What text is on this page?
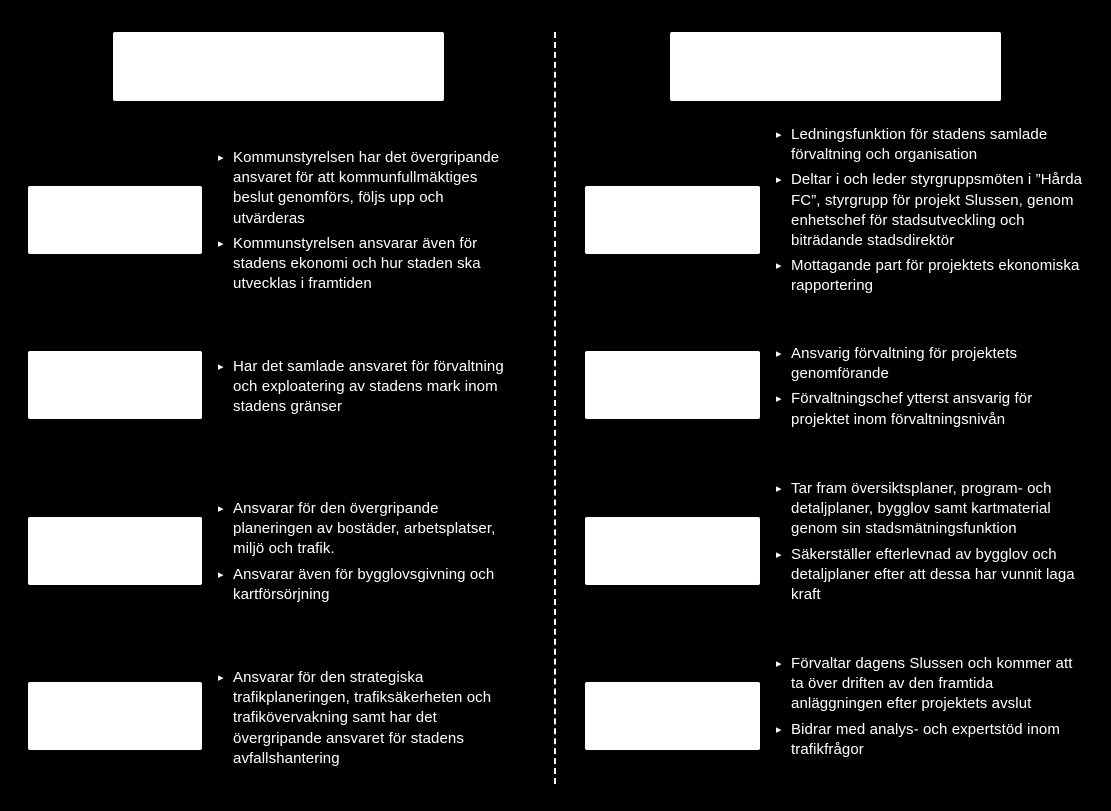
▸ Kommunstyrelsen har det övergripande ansvaret för att kommunfullmäktiges beslut genomförs, följs upp och utvärderas
▸ Kommunstyrelsen ansvarar även för stadens ekonomi och hur staden ska utvecklas i framtiden
▸ Har det samlade ansvaret för förvaltning och exploatering av stadens mark inom stadens gränser
▸ Ansvarar för den övergripande planeringen av bostäder, arbetsplatser, miljö och trafik.
▸ Ansvarar även för bygglovsgivning och kartförsörjning
▸ Ansvarar för den strategiska trafikplaneringen, trafiksäkerheten och trafikövervakning samt har det övergripande ansvaret för stadens avfallshantering
▸ Ledningsfunktion för stadens samlade förvaltning och organisation
▸ Deltar i och leder styrgruppsmöten i ”Hårda FC”, styrgrupp för projekt Slussen, genom enhetschef för stadsutveckling och biträdande stadsdirektör
▸ Mottagande part för projektets ekonomiska rapportering
▸ Ansvarig förvaltning för projektets genomförande
▸ Förvaltningschef ytterst ansvarig för projektet inom förvaltningsnivån
▸ Tar fram översiktsplaner, program- och detaljplaner, bygglov samt kartmaterial genom sin stadsmätningsfunktion
▸ Säkerställer efterlevnad av bygglov och detaljplaner efter att dessa har vunnit laga kraft
▸ Förvaltar dagens Slussen och kommer att ta över driften av den framtida anläggningen efter projektets avslut
▸ Bidrar med analys- och expertstöd inom trafikfrågor
